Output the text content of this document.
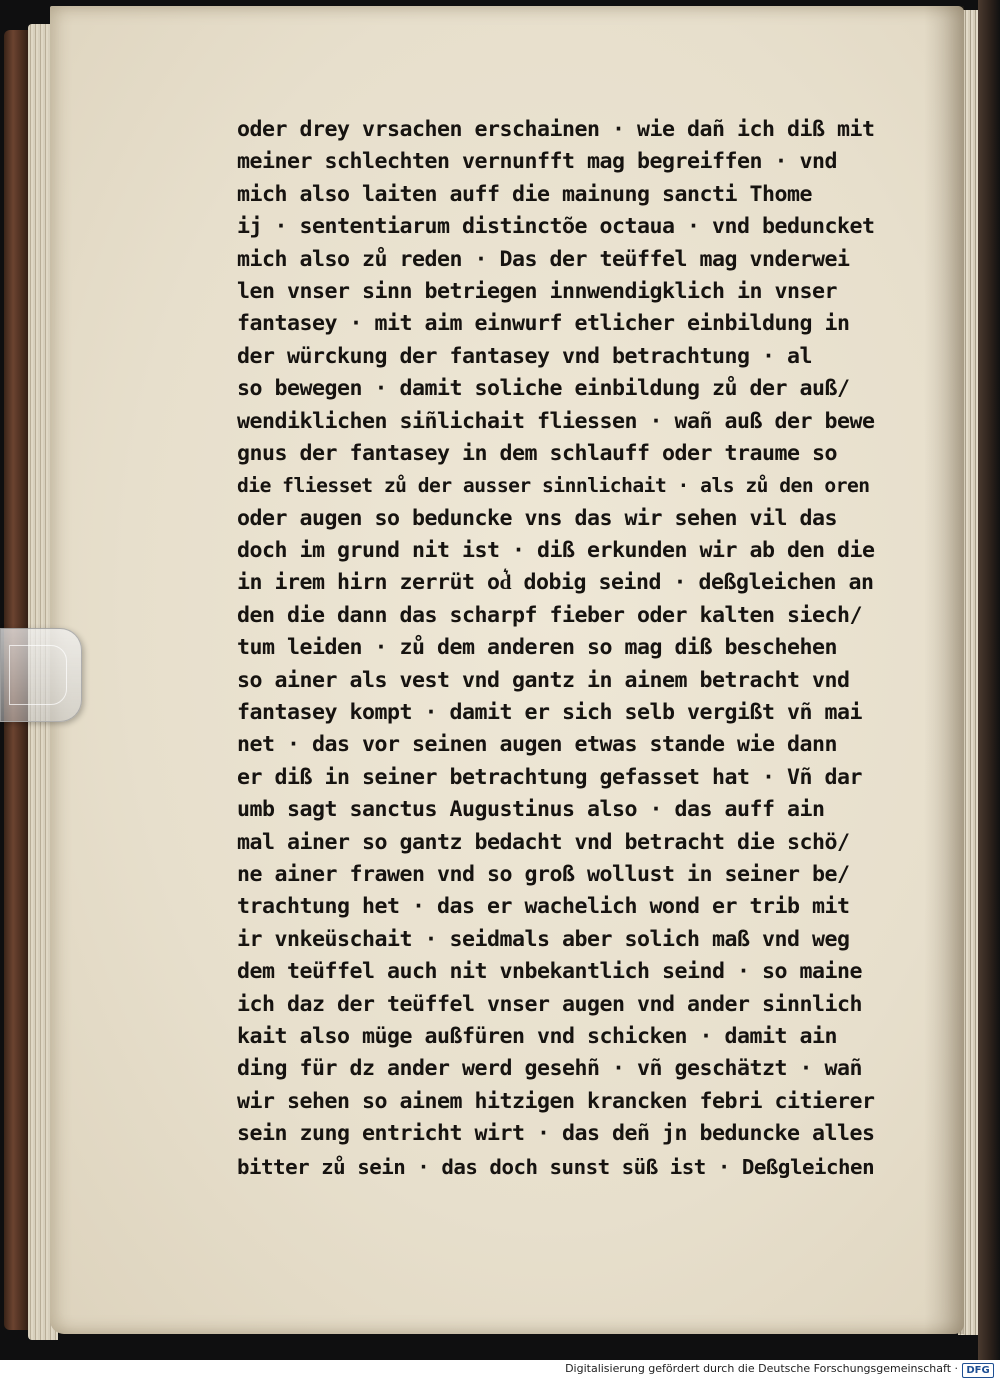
oder drey vrsachen erschainen · wie dañ ich diß mit
meiner schlechten vernunfft mag begreiffen · vnd
mich also laiten auff die mainung sancti Thome
ij · sententiarum distinctõe octaua · vnd beduncket
mich also zů reden · Das der teüffel mag vnderwei
len vnser sinn betriegen innwendigklich in vnser
fantasey · mit aim einwurf etlicher einbildung in
der würckung der fantasey vnd betrachtung · al
so bewegen · damit soliche einbildung zů der auß/
wendiklichen siñlichait fliessen · wañ auß der bewe
gnus der fantasey in dem schlauff oder traume so
die fliesset zů der ausser sinnlichait · als zů den oren
oder augen so beduncke vns das wir sehen vil das
doch im grund nit ist · diß erkunden wir ab den die
in irem hirn zerrüt od͛ dobig seind · deßgleichen an
den die dann das scharpf fieber oder kalten siech/
tum leiden · zů dem anderen so mag diß beschehen
so ainer als vest vnd gantz in ainem betracht vnd
fantasey kompt · damit er sich selb vergißt vñ mai
net · das vor seinen augen etwas stande wie dann
er diß in seiner betrachtung gefasset hat · Vñ dar
umb sagt sanctus Augustinus also · das auff ain
mal ainer so gantz bedacht vnd betracht die schö/
ne ainer frawen vnd so groß wollust in seiner be/
trachtung het · das er wachelich wond er trib mit
ir vnkeüschait · seidmals aber solich maß vnd weg
dem teüffel auch nit vnbekantlich seind · so maine
ich daz der teüffel vnser augen vnd ander sinnlich
kait also müge außfüren vnd schicken · damit ain
ding für dz ander werd gesehñ · vñ geschätzt · wañ
wir sehen so ainem hitzigen krancken febri citierer
sein zung entricht wirt · das deñ jn beduncke alles
bitter zů sein · das doch sunst süß ist · Deßgleichen
Digitalisierung gefördert durch die Deutsche Forschungsgemeinschaft · DFG
